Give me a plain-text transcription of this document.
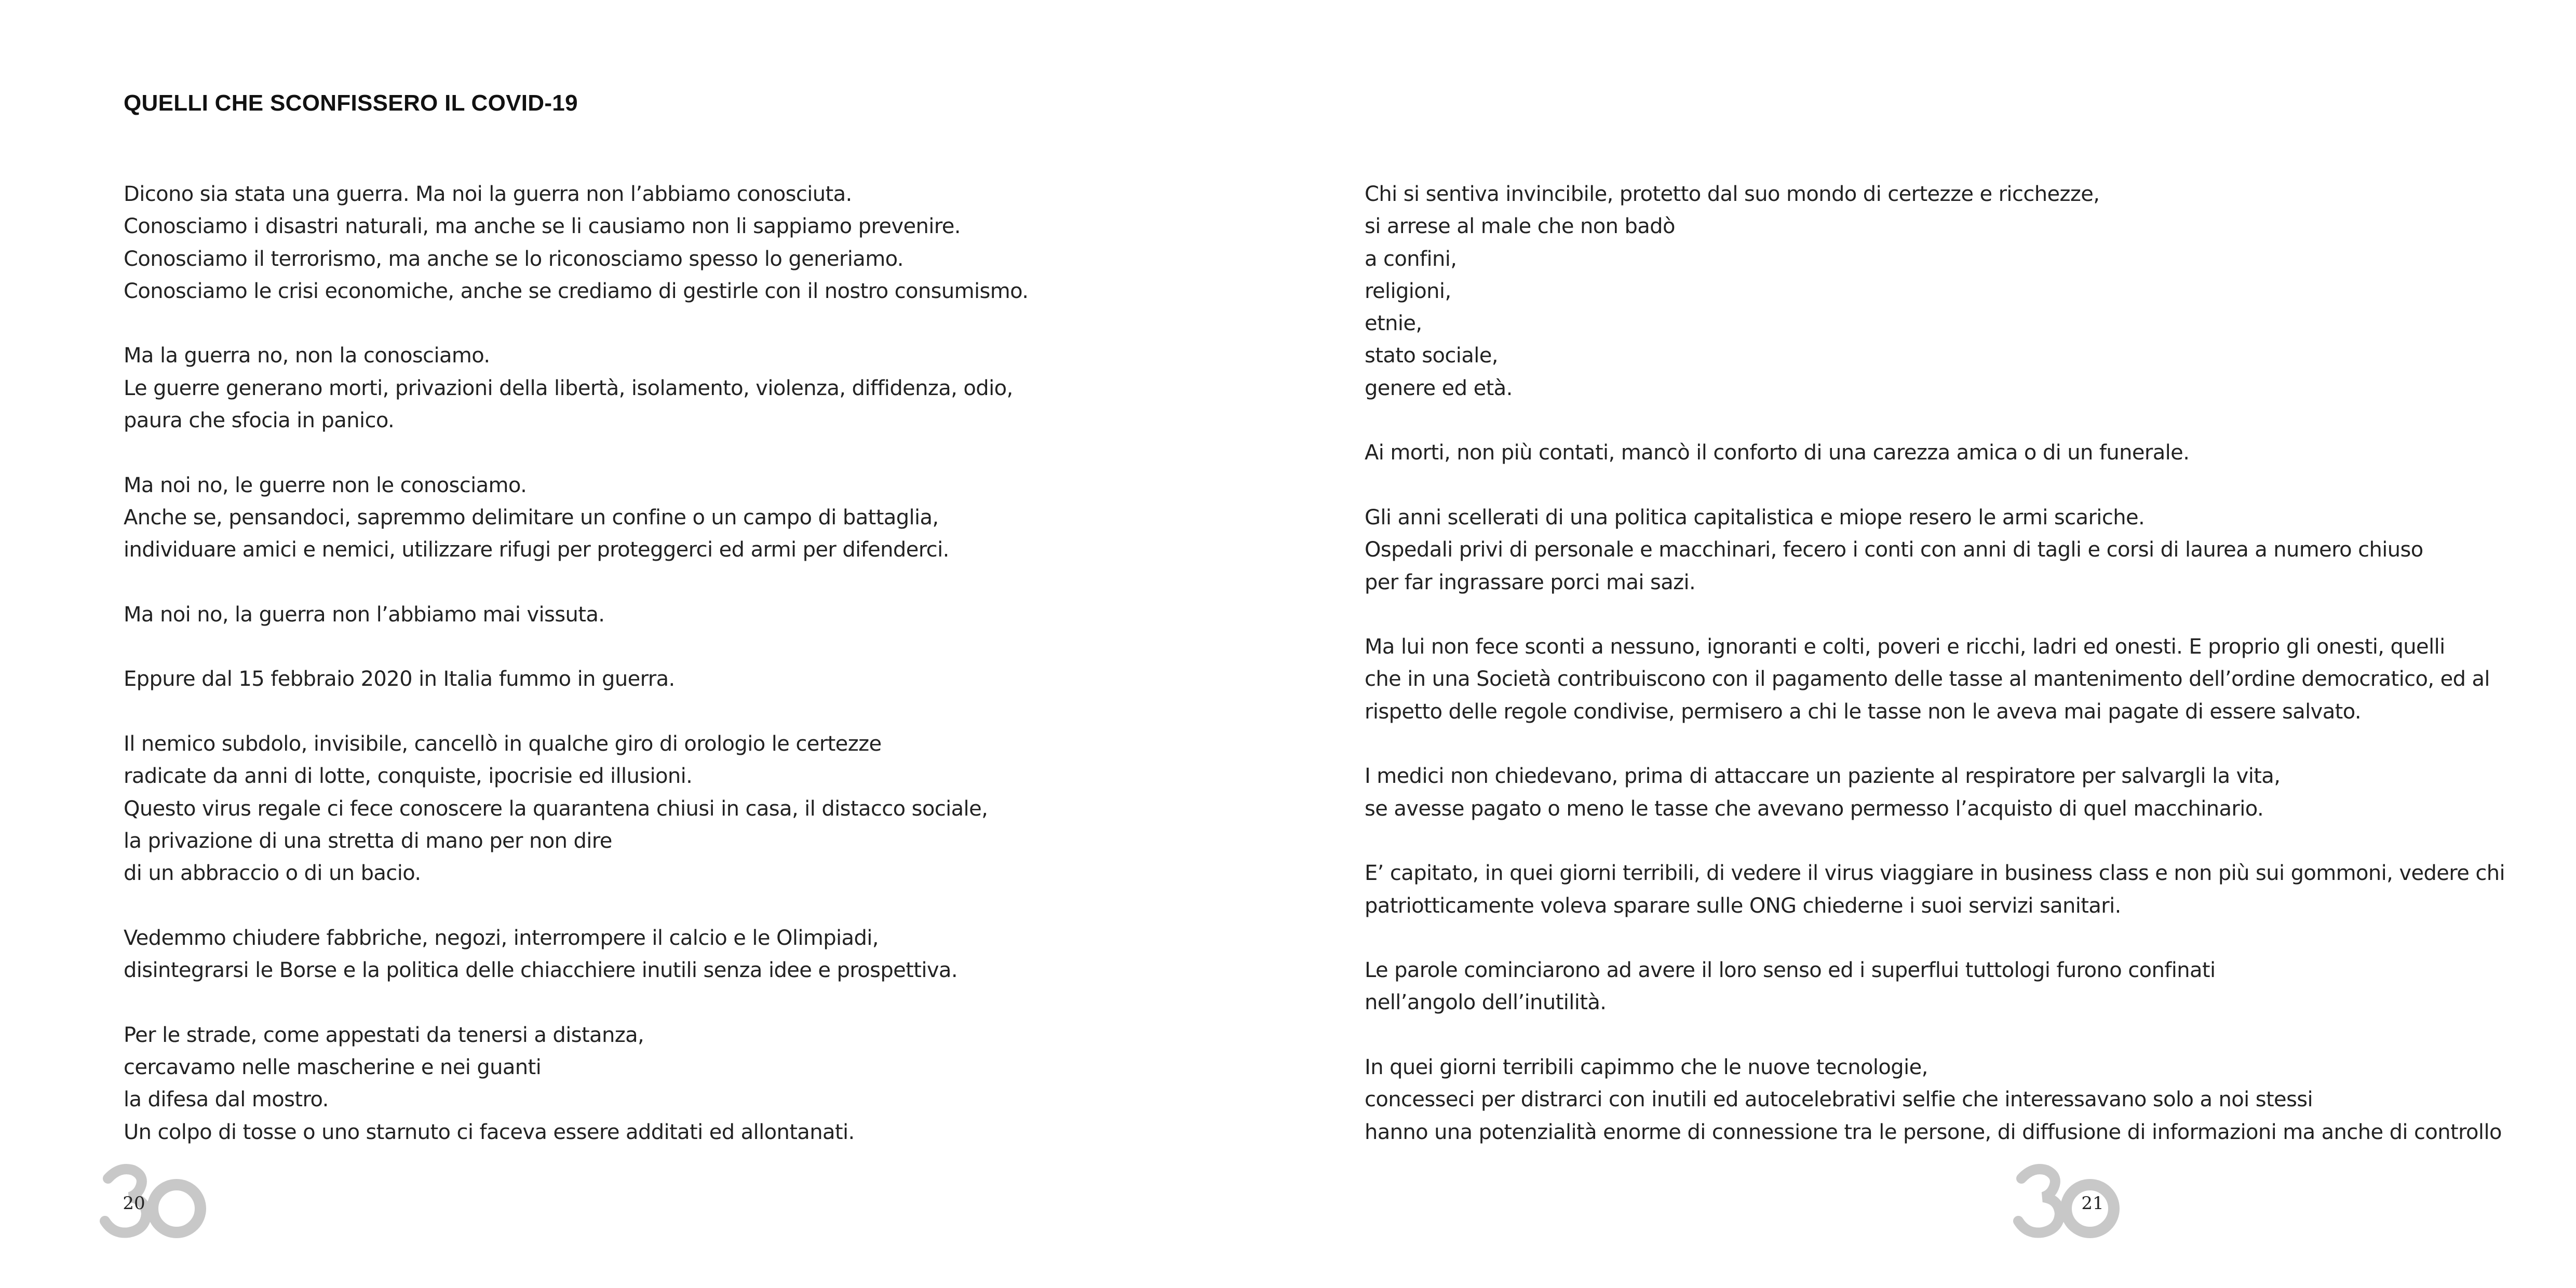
QUELLI CHE SCONFISSERO IL COVID-19
Dicono sia stata una guerra. Ma noi la guerra non l’abbiamo conosciuta.
Conosciamo i disastri naturali, ma anche se li causiamo non li sappiamo prevenire.
Conosciamo il terrorismo, ma anche se lo riconosciamo spesso lo generiamo.
Conosciamo le crisi economiche, anche se crediamo di gestirle con il nostro consumismo.
Ma la guerra no, non la conosciamo.
Le guerre generano morti, privazioni della libertà, isolamento, violenza, diffidenza, odio,
paura che sfocia in panico.
Ma noi no, le guerre non le conosciamo.
Anche se, pensandoci, sapremmo delimitare un confine o un campo di battaglia,
individuare amici e nemici, utilizzare rifugi per proteggerci ed armi per difenderci.
Ma noi no, la guerra non l’abbiamo mai vissuta.
Eppure dal 15 febbraio 2020 in Italia fummo in guerra.
Il nemico subdolo, invisibile, cancellò in qualche giro di orologio le certezze
radicate da anni di lotte, conquiste, ipocrisie ed illusioni.
Questo virus regale ci fece conoscere la quarantena chiusi in casa, il distacco sociale,
la privazione di una stretta di mano per non dire
di un abbraccio o di un bacio.
Vedemmo chiudere fabbriche, negozi, interrompere il calcio e le Olimpiadi,
disintegrarsi le Borse e la politica delle chiacchiere inutili senza idee e prospettiva.
Per le strade, come appestati da tenersi a distanza,
cercavamo nelle mascherine e nei guanti
la difesa dal mostro.
Un colpo di tosse o uno starnuto ci faceva essere additati ed allontanati.
20
Chi si sentiva invincibile, protetto dal suo mondo di certezze e ricchezze,
si arrese al male che non badò
a confini,
religioni,
etnie,
stato sociale,
genere ed età.
Ai morti, non più contati, mancò il conforto di una carezza amica o di un funerale.
Gli anni scellerati di una politica capitalistica e miope resero le armi scariche.
Ospedali privi di personale e macchinari, fecero i conti con anni di tagli e corsi di laurea a numero chiuso
per far ingrassare porci mai sazi.
Ma lui non fece sconti a nessuno, ignoranti e colti, poveri e ricchi, ladri ed onesti. E proprio gli onesti, quelli
che in una Società contribuiscono con il pagamento delle tasse al mantenimento dell’ordine democratico, ed al
rispetto delle regole condivise, permisero a chi le tasse non le aveva mai pagate di essere salvato.
I medici non chiedevano, prima di attaccare un paziente al respiratore per salvargli la vita,
se avesse pagato o meno le tasse che avevano permesso l’acquisto di quel macchinario.
E’ capitato, in quei giorni terribili, di vedere il virus viaggiare in business class e non più sui gommoni, vedere chi
patriotticamente voleva sparare sulle ONG chiederne i suoi servizi sanitari.
Le parole cominciarono ad avere il loro senso ed i superflui tuttologi furono confinati
nell’angolo dell’inutilità.
In quei giorni terribili capimmo che le nuove tecnologie,
concesseci per distrarci con inutili ed autocelebrativi selfie che interessavano solo a noi stessi
hanno una potenzialità enorme di connessione tra le persone, di diffusione di informazioni ma anche di controllo
21
